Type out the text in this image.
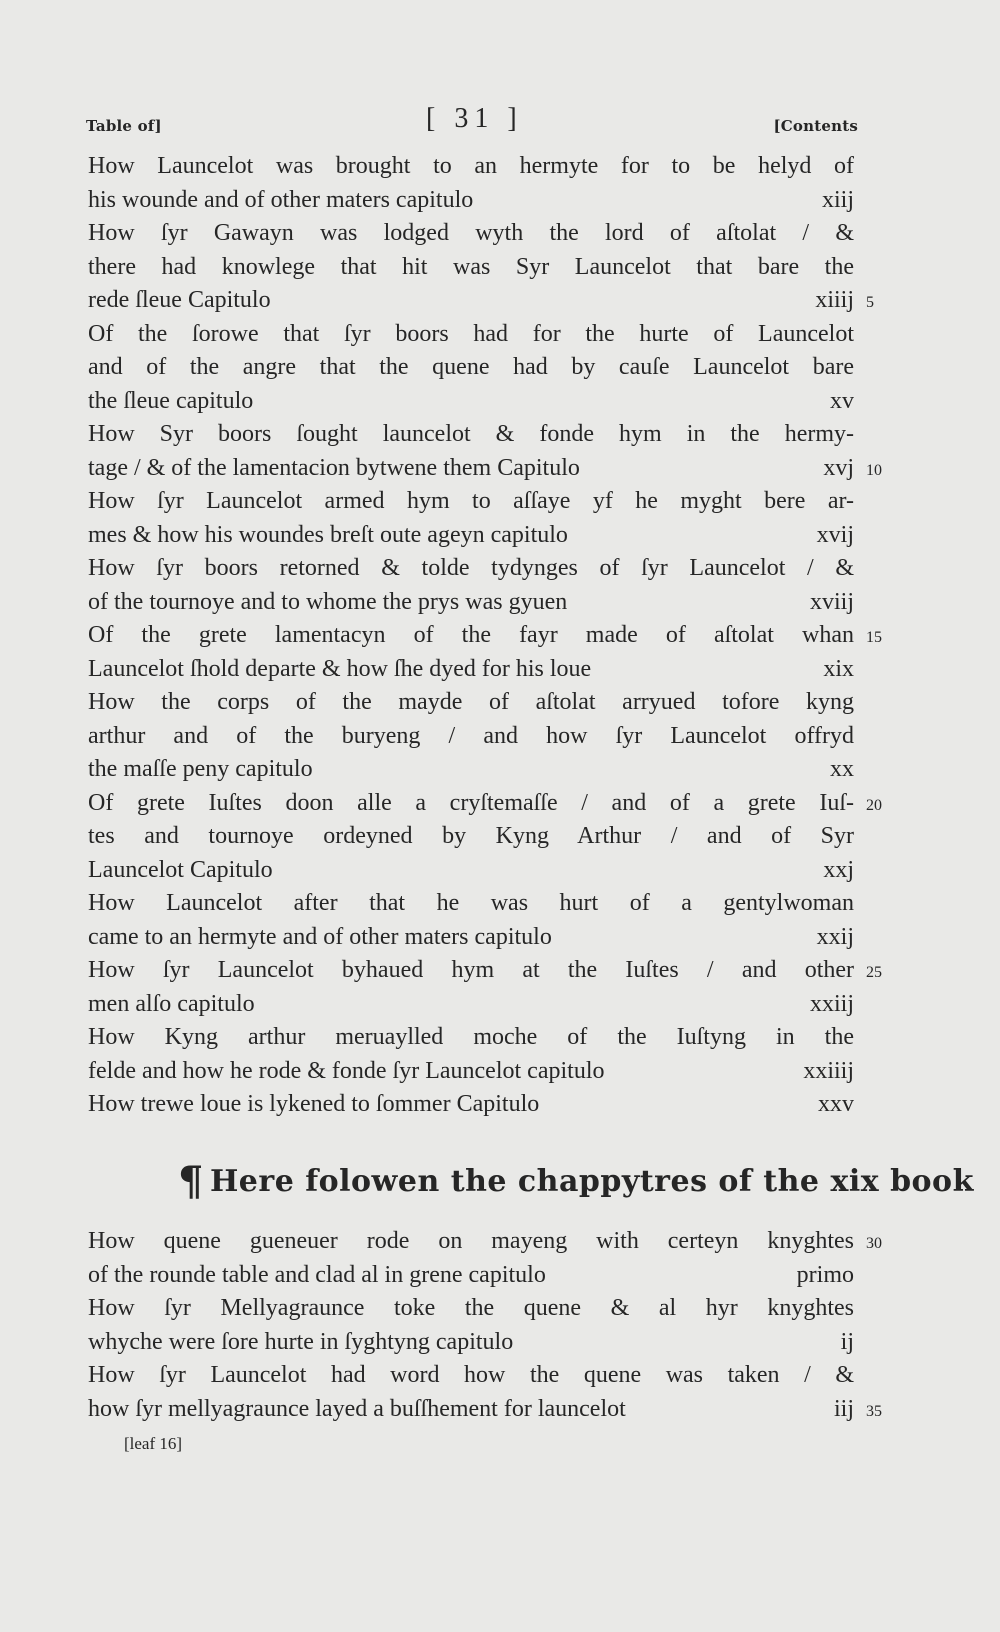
Table of]	[ 31 ]	[Contents
How Launcelot was brought to an hermyte for to be helyd of
his wounde and of other maters capitulo	xiij
How ſyr Gawayn was lodged wyth the lord of aſtolat / &
there had knowlege that hit was Syr Launcelot that bare the
rede ſleue Capitulo	xiiij 5
Of the ſorowe that ſyr boors had for the hurte of Launcelot
and of the angre that the quene had by cauſe Launcelot bare
the ſleue capitulo	xv
How Syr boors ſought launcelot & fonde hym in the hermy-
tage / & of the lamentacion bytwene them Capitulo	xvj 10
How ſyr Launcelot armed hym to aſſaye yf he myght bere ar-
mes & how his woundes breſt oute ageyn capitulo	xvij
How ſyr boors retorned & tolde tydynges of ſyr Launcelot / &
of the tournoye and to whome the prys was gyuen	xviij
Of the grete lamentacyn of the fayr made of aſtolat whan 15
Launcelot ſhold departe & how ſhe dyed for his loue	xix
How the corps of the mayde of aſtolat arryued tofore kyng
arthur and of the buryeng / and how ſyr Launcelot offryd
the maſſe peny capitulo	xx
Of grete Iuſtes doon alle a cryſtemaſſe / and of a grete Iuſ- 20
tes and tournoye ordeyned by Kyng Arthur / and of Syr
Launcelot Capitulo	xxj
How Launcelot after that he was hurt of a gentylwoman
came to an hermyte and of other maters capitulo	xxij
How ſyr Launcelot byhaued hym at the Iuſtes / and other 25
men alſo capitulo	xxiij
How Kyng arthur meruaylled moche of the Iuſtyng in the
felde and how he rode & fonde ſyr Launcelot capitulo	xxiiij
How trewe loue is lykened to ſommer Capitulo	xxv
¶ Here folowen the chappytres of the xix book
How quene gueneuer rode on mayeng with certeyn knyghtes 30
of the rounde table and clad al in grene capitulo	primo
How ſyr Mellyagraunce toke the quene & al hyr knyghtes
whyche were ſore hurte in ſyghtyng capitulo	ij
How ſyr Launcelot had word how the quene was taken / &
how ſyr mellyagraunce layed a buſſhement for launcelot	iij 35
[leaf 16]
